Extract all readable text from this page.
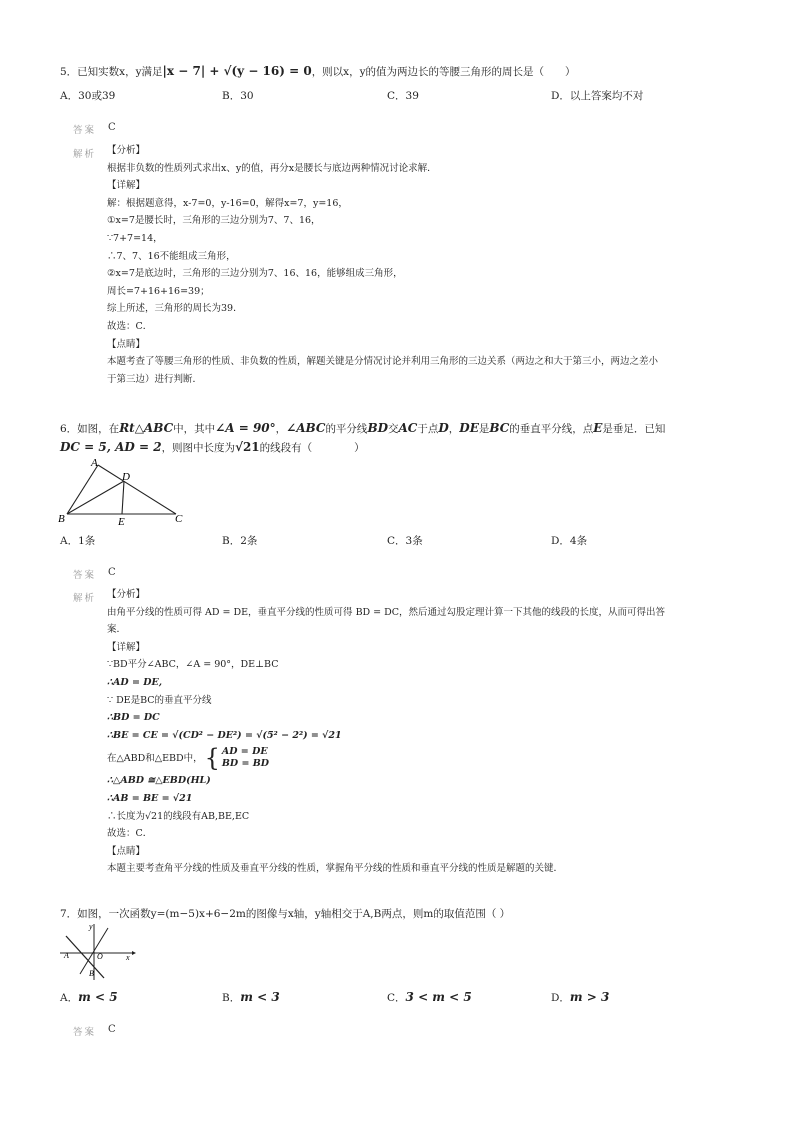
5．已知实数x，y满足|x − 7| + √(y − 16) = 0，则以x，y的值为两边长的等腰三角形的周长是（　　）
A．30或39	B．30	C．39	D．以上答案均不对
答案 C
解析 【分析】
根据非负数的性质列式求出x、y的值，再分x是腰长与底边两种情况讨论求解．
【详解】
解：根据题意得，x-7=0，y-16=0，解得x=7，y=16，
①x=7是腰长时，三角形的三边分别为7、7、16，
∵7+7=14，
∴7、7、16不能组成三角形，
②x=7是底边时，三角形的三边分别为7、16、16，能够组成三角形，
周长=7+16+16=39；
综上所述，三角形的周长为39．
故选：C．
【点睛】
本题考查了等腰三角形的性质、非负数的性质，解题关键是分情况讨论并利用三角形的三边关系（两边之和大于第三小，两边之差小
于第三边）进行判断．
6．如图，在Rt△ABC中，其中∠A = 90°，∠ABC的平分线BD交AC于点D，DE是BC的垂直平分线，点E是垂足．已知
DC = 5, AD = 2，则图中长度为√21的线段有（　　　　）
A
D
B	E	C
A．1条	B．2条	C．3条	D．4条
答案 C
解析 【分析】
由角平分线的性质可得 AD = DE，垂直平分线的性质可得 BD = DC，然后通过勾股定理计算一下其他的线段的长度，从而可得出答
案．
【详解】
∵BD平分∠ABC，∠A = 90°，DE⊥BC
∴AD = DE,
∵ DE是BC的垂直平分线
∴BD = DC
∴BE = CE = √(CD² − DE²) = √(5² − 2²) = √21
在△ABD和△EBD中， { AD = DE
BD = BD
∴△ABD ≅△EBD(HL)
∴AB = BE = √21
∴长度为√21的线段有AB,BE,EC
故选：C．
【点睛】
本题主要考查角平分线的性质及垂直平分线的性质，掌握角平分线的性质和垂直平分线的性质是解题的关键．
7．如图，一次函数y=(m−5)x+6−2m的图像与x轴，y轴相交于A,B两点，则m的取值范围（ ）
y
A	O	x
B
A．m < 5	B．m < 3	C．3 < m < 5	D．m > 3
答案 C
